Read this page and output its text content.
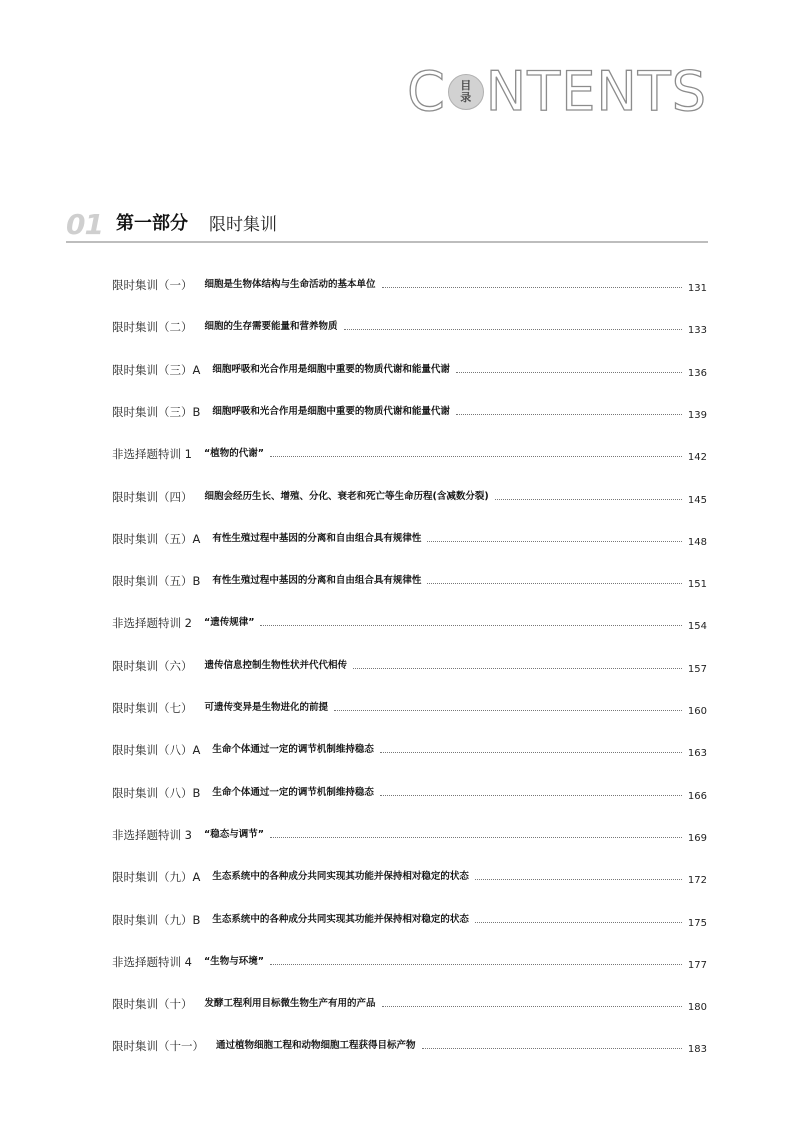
C 目
录 N T E N T S
01 第一部分 限时集训
限时集训（一） 细胞是生物体结构与生命活动的基本单位	131
限时集训（二） 细胞的生存需要能量和营养物质	133
限时集训（三）A 细胞呼吸和光合作用是细胞中重要的物质代谢和能量代谢	136
限时集训（三）B 细胞呼吸和光合作用是细胞中重要的物质代谢和能量代谢	139
非选择题特训 1 “植物的代谢”	142
限时集训（四） 细胞会经历生长、增殖、分化、衰老和死亡等生命历程(含减数分裂)	145
限时集训（五）A 有性生殖过程中基因的分离和自由组合具有规律性	148
限时集训（五）B 有性生殖过程中基因的分离和自由组合具有规律性	151
非选择题特训 2 “遗传规律”	154
限时集训（六） 遗传信息控制生物性状并代代相传	157
限时集训（七） 可遗传变异是生物进化的前提	160
限时集训（八）A 生命个体通过一定的调节机制维持稳态	163
限时集训（八）B 生命个体通过一定的调节机制维持稳态	166
非选择题特训 3 “稳态与调节”	169
限时集训（九）A 生态系统中的各种成分共同实现其功能并保持相对稳定的状态	172
限时集训（九）B 生态系统中的各种成分共同实现其功能并保持相对稳定的状态	175
非选择题特训 4 “生物与环境”	177
限时集训（十） 发酵工程利用目标微生物生产有用的产品	180
限时集训（十一） 通过植物细胞工程和动物细胞工程获得目标产物	183
